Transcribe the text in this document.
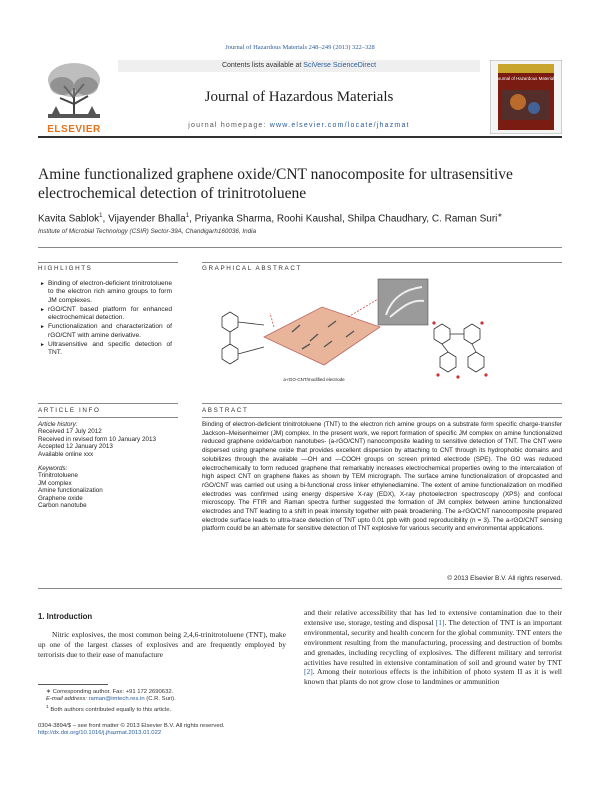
Journal of Hazardous Materials 248–249 (2013) 322–328
ELSEVIER
Contents lists available at SciVerse ScienceDirect
Journal of Hazardous Materials
journal homepage: www.elsevier.com/locate/jhazmat
Journal of Hazardous Materials
Amine functionalized graphene oxide/CNT nanocomposite for ultrasensitive electrochemical detection of trinitrotoluene
Kavita Sablok$^1$, Vijayender Bhalla$^1$, Priyanka Sharma, Roohi Kaushal, Shilpa Chaudhary, C. Raman Suri∗
Institute of Microbial Technology (CSIR) Sector-39A, Chandigarh160036, India
HIGHLIGHTS
► Binding of electron-deficient trinitrotoluene to the electron rich amino groups to form JM complexes.
► rGO/CNT based platform for enhanced electrochemical detection.
► Functionalization and characterization of rGO/CNT with amine derivative.
► Ultrasensitive and specific detection of TNT.
GRAPHICAL ABSTRACT
a-rGO-CNT/modified electrode
ARTICLE INFO
Article history:
Received 17 July 2012
Received in revised form 10 January 2013
Accepted 12 January 2013
Available online xxx
Keywords:
Trinitrotoluene
JM complex
Amine functionalization
Graphene oxide
Carbon nanotube
ABSTRACT
Binding of electron-deficient trinitrotoluene (TNT) to the electron rich amine groups on a substrate form specific charge-transfer Jackson–Meisenheimer (JM) complex. In the present work, we report formation of specific JM complex on amine functionalized reduced graphene oxide/carbon nanotubes- (a-rGO/CNT) nanocomposite leading to sensitive detection of TNT. The CNT were dispersed using graphene oxide that provides excellent dispersion by attaching to CNT through its hydrophobic domains and solubilizes through the available —OH and —COOH groups on screen printed electrode (SPE). The GO was reduced electrochemically to form reduced graphene that remarkably increases electrochemical properties owing to the intercalation of high aspect CNT on graphene flakes as shown by TEM micrograph. The surface amine functionalization of dropcasted and rGO/CNT was carried out using a bi-functional cross linker ethylenediamine. The extent of amine functionalization on modified electrodes was confirmed using energy dispersive X-ray (EDX), X-ray photoelectron spectroscopy (XPS) and confocal microscopy. The FTIR and Raman spectra further suggested the formation of JM complex between amine functionalized electrodes and TNT leading to a shift in peak intensity together with peak broadening. The a-rGO/CNT nanocomposite prepared electrode surface leads to ultra-trace detection of TNT upto 0.01 ppb with good reproducibility (n = 3). The a-rGO/CNT sensing platform could be an alternate for sensitive detection of TNT explosive for various security and environmental applications.
© 2013 Elsevier B.V. All rights reserved.
1. Introduction
Nitric explosives, the most common being 2,4,6-trinitrotoluene (TNT), make up one of the largest classes of explosives and are frequently employed by terrorists due to their ease of manufacture
and their relative accessibility that has led to extensive contamination due to their extensive use, storage, testing and disposal [1]. The detection of TNT is an important environmental, security and health concern for the global community. TNT enters the environment resulting from the manufacturing, processing and destruction of bombs and grenades, including recycling of explosives. The different military and terrorist activities have resulted in extensive contamination of soil and ground water by TNT [2]. Among their notorious effects is the inhibition of photo system II as it is well known that plants do not grow close to landmines or ammunition
∗ Corresponding author. Fax: +91 172 2690632.
E-mail address: raman@imtech.res.in (C.R. Suri).
$^1$ Both authors contributed equally to this article.
0304-3894/$ – see front matter © 2013 Elsevier B.V. All rights reserved.
http://dx.doi.org/10.1016/j.jhazmat.2013.01.022
